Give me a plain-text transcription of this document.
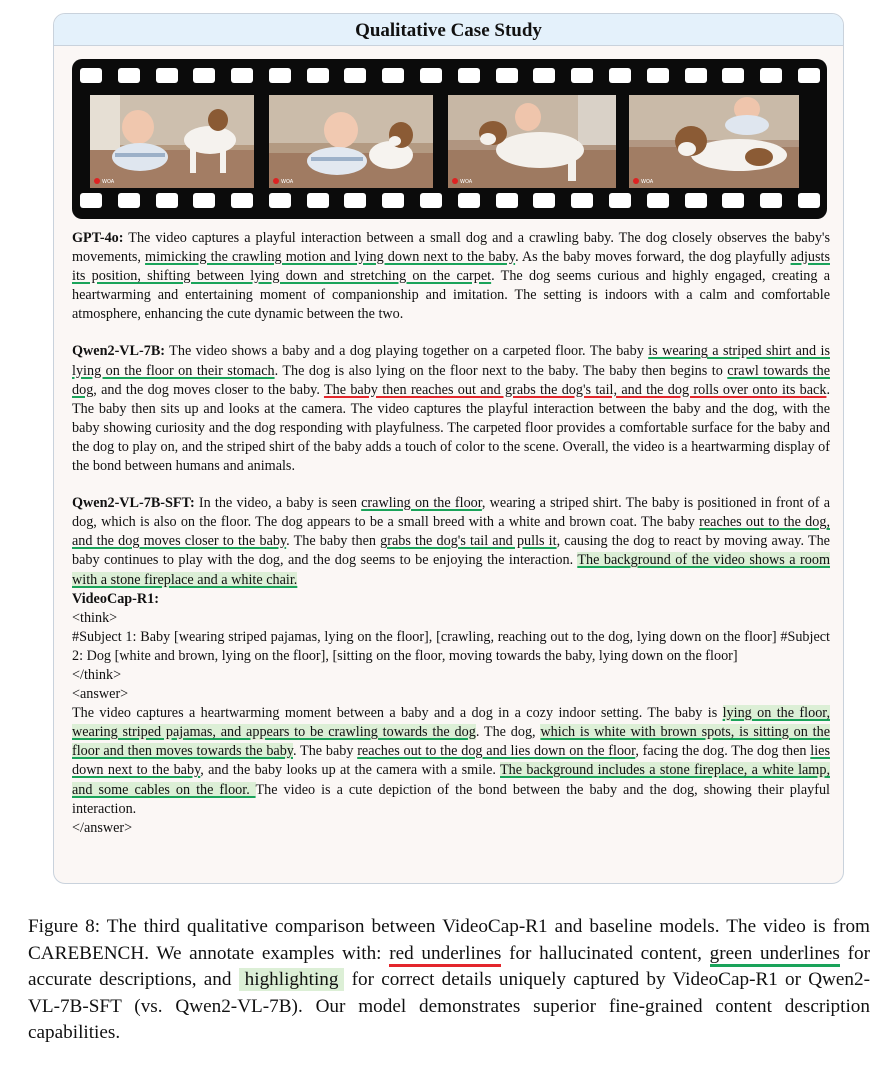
Qualitative Case Study
WOA	WOA	WOA	WOA

GPT-4o: The video captures a playful interaction between a small dog and a crawling baby. The dog closely observes the baby's movements, mimicking the crawling motion and lying down next to the baby. As the baby moves forward, the dog playfully adjusts its position, shifting between lying down and stretching on the carpet. The dog seems curious and highly engaged, creating a heartwarming and entertaining moment of companionship and imitation. The setting is indoors with a calm and comfortable atmosphere, enhancing the cute dynamic between the two.

Qwen2-VL-7B: The video shows a baby and a dog playing together on a carpeted floor. The baby is wearing a striped shirt and is lying on the floor on their stomach. The dog is also lying on the floor next to the baby. The baby then begins to crawl towards the dog, and the dog moves closer to the baby. The baby then reaches out and grabs the dog's tail, and the dog rolls over onto its back. The baby then sits up and looks at the camera. The video captures the playful interaction between the baby and the dog, with the baby showing curiosity and the dog responding with playfulness. The carpeted floor provides a comfortable surface for the baby and the dog to play on, and the striped shirt of the baby adds a touch of color to the scene. Overall, the video is a heartwarming display of the bond between humans and animals.

Qwen2-VL-7B-SFT: In the video, a baby is seen crawling on the floor, wearing a striped shirt. The baby is positioned in front of a dog, which is also on the floor. The dog appears to be a small breed with a white and brown coat. The baby reaches out to the dog, and the dog moves closer to the baby. The baby then grabs the dog's tail and pulls it, causing the dog to react by moving away. The baby continues to play with the dog, and the dog seems to be enjoying the interaction. The background of the video shows a room with a stone fireplace and a white chair.

VideoCap-R1:

<think>

#Subject 1: Baby [wearing striped pajamas, lying on the floor], [crawling, reaching out to the dog, lying down on the floor] #Subject 2: Dog [white and brown, lying on the floor], [sitting on the floor, moving towards the baby, lying down on the floor]

</think>

<answer>

The video captures a heartwarming moment between a baby and a dog in a cozy indoor setting. The baby is lying on the floor, wearing striped pajamas, and appears to be crawling towards the dog. The dog, which is white with brown spots, is sitting on the floor and then moves towards the baby. The baby reaches out to the dog and lies down on the floor, facing the dog. The dog then lies down next to the baby, and the baby looks up at the camera with a smile. The background includes a stone fireplace, a white lamp, and some cables on the floor. The video is a cute depiction of the bond between the baby and the dog, showing their playful interaction.

</answer>

Figure 8: The third qualitative comparison between VideoCap-R1 and baseline models. The video is from CAREBENCH. We annotate examples with: red underlines for hallucinated content, green underlines for accurate descriptions, and highlighting for correct details uniquely captured by VideoCap-R1 or Qwen2-VL-7B-SFT (vs. Qwen2-VL-7B). Our model demonstrates superior fine-grained content description capabilities.
